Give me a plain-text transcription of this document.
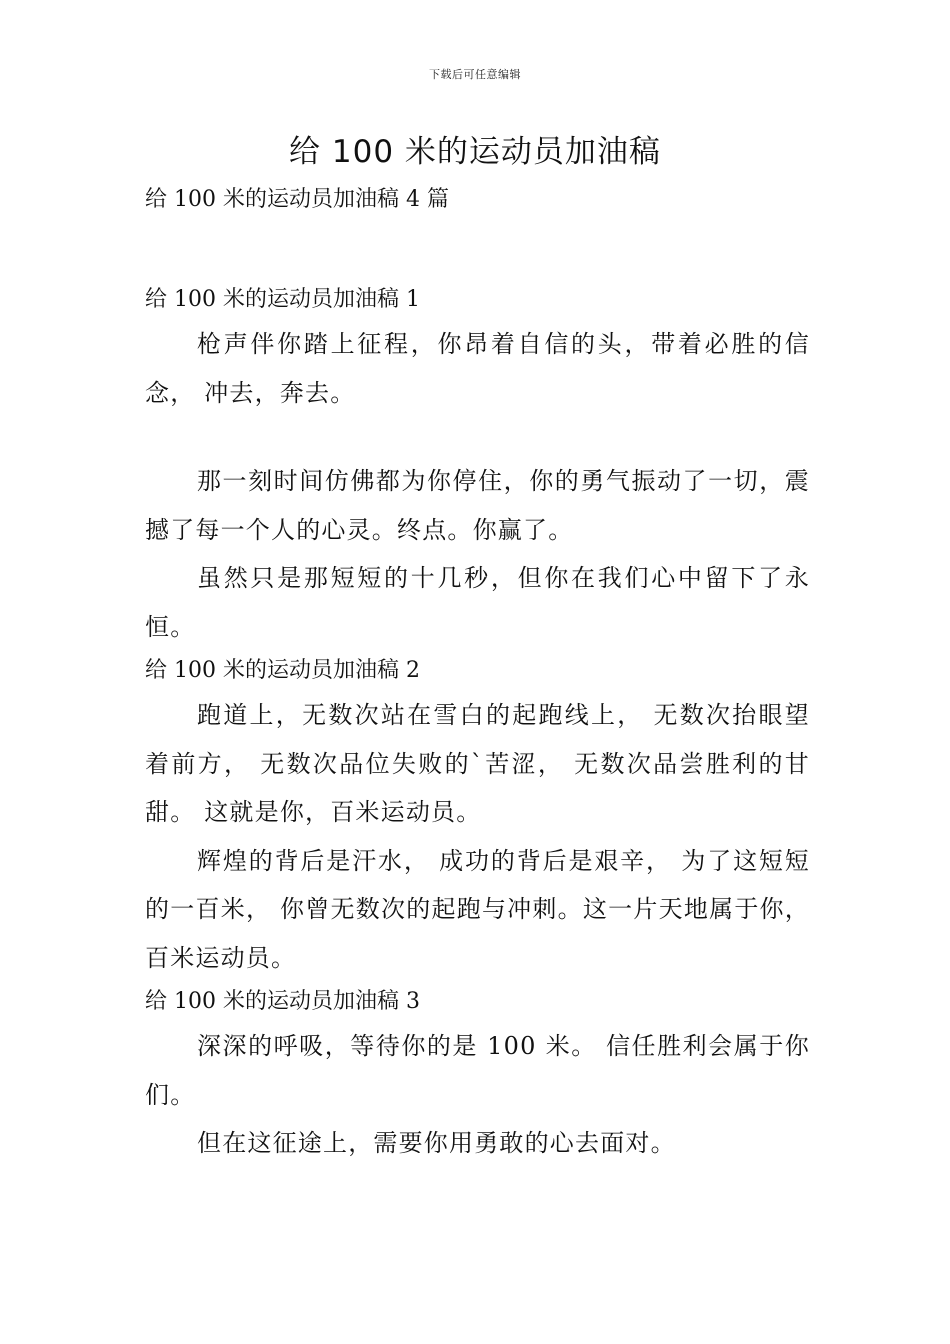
下载后可任意编辑
给 100 米的运动员加油稿

给 100 米的运动员加油稿 4 篇

给 100 米的运动员加油稿 1

枪声伴你踏上征程，你昂着自信的头，带着必胜的信念， 冲去，奔去。

那一刻时间仿佛都为你停住，你的勇气振动了一切，震撼了每一个人的心灵。终点。你赢了。

虽然只是那短短的十几秒，但你在我们心中留下了永恒。

给 100 米的运动员加油稿 2

跑道上，无数次站在雪白的起跑线上， 无数次抬眼望着前方， 无数次品位失败的`苦涩， 无数次品尝胜利的甘甜。 这就是你，百米运动员。

辉煌的背后是汗水， 成功的背后是艰辛， 为了这短短的一百米， 你曾无数次的起跑与冲刺。这一片天地属于你，百米运动员。

给 100 米的运动员加油稿 3

深深的呼吸，等待你的是 100 米。 信任胜利会属于你们。

但在这征途上，需要你用勇敢的心去面对。
